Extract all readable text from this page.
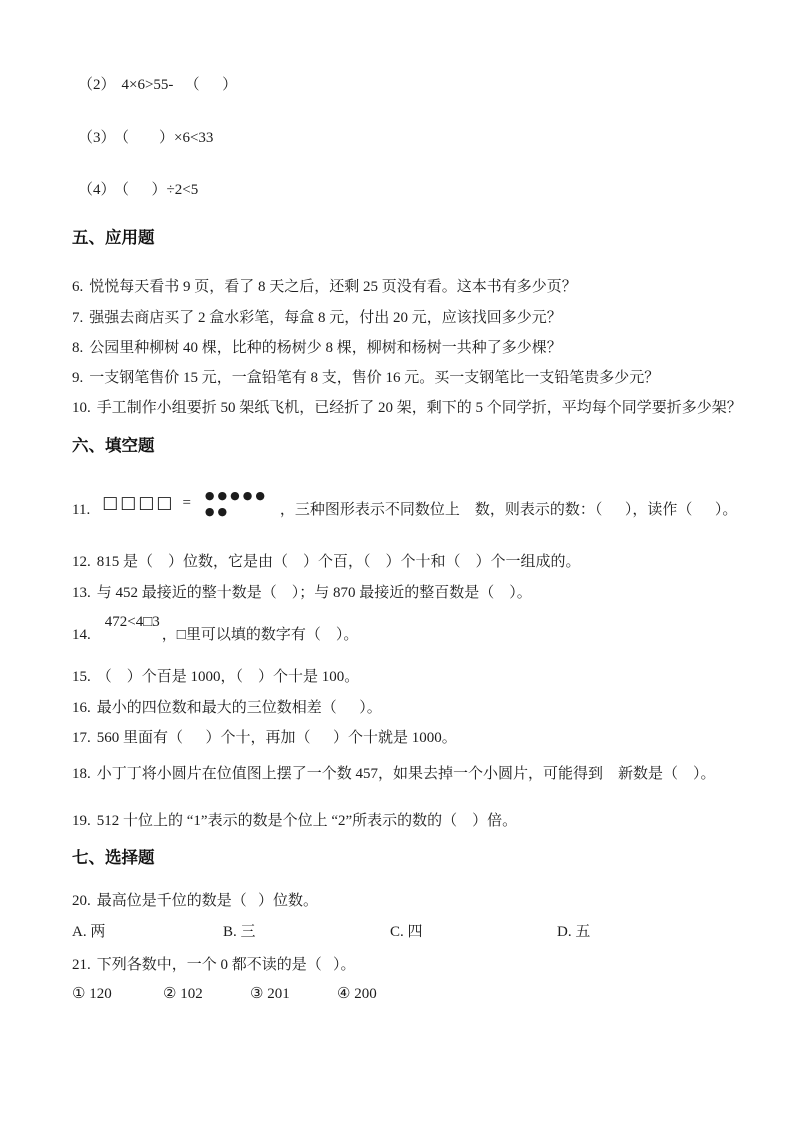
（2） 4×6>55-   （      ）
（3） （        ）×6<33
（4） （      ）÷2<5
五、应用题
6. 悦悦每天看书 9 页，看了 8 天之后，还剩 25 页没有看。这本书有多少页？
7. 强强去商店买了 2 盒水彩笔，每盒 8 元，付出 20 元，应该找回多少元？
8. 公园里种柳树 40 棵，比种的杨树少 8 棵，柳树和杨树一共种了多少棵？
9. 一支钢笔售价 15 元，一盒铅笔有 8 支，售价 16 元。买一支钢笔比一支铅笔贵多少元？
10. 手工制作小组要折 50 架纸飞机，已经折了 20 架，剩下的 5 个同学折，平均每个同学要折多少架？
六、填空题
11. □□□□ = ●●●●●
●●	，三种图形表示不同数位上　数，则表示的数：（      ），读作（      ）。
12. 815 是（    ）位数，它是由（    ）个百，（    ）个十和（    ）个一组成的。
13. 与 452 最接近的整十数是（    ）；与 870 最接近的整百数是（    ）。
14.
472<4□3
，□里可以填的数字有（    ）。
15. （    ）个百是 1000，（    ）个十是 100。
16. 最小的四位数和最大的三位数相差（      ）。
17. 560 里面有（      ）个十，再加（      ）个十就是 1000。
18. 小丁丁将小圆片在位值图上摆了一个数 457，如果去掉一个小圆片，可能得到　新数是（    ）。
19. 512 十位上的 “1”表示的数是个位上 “2”所表示的数的（    ）倍。
七、选择题
20. 最高位是千位的数是（   ）位数。
A. 两	B. 三	C. 四	D. 五
21. 下列各数中，一个 0 都不读的是（   ）。
① 120	② 102	③ 201	④ 200
